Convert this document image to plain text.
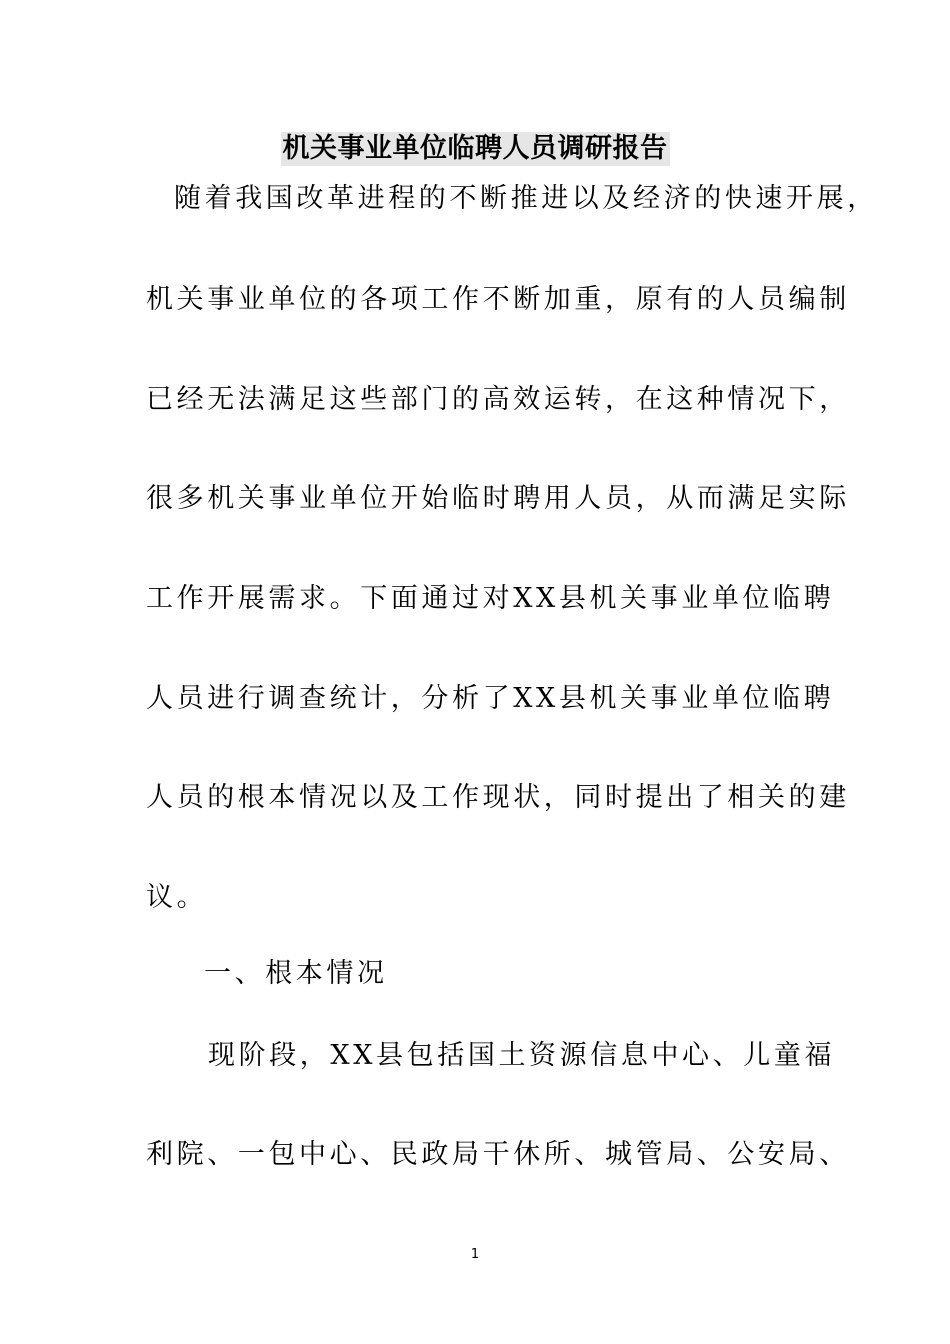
机关事业单位临聘人员调研报告
随着我国改革进程的不断推进以及经济的快速开展，
机关事业单位的各项工作不断加重，原有的人员编制
已经无法满足这些部门的高效运转，在这种情况下，
很多机关事业单位开始临时聘用人员，从而满足实际
工作开展需求。下面通过对XX县机关事业单位临聘
人员进行调查统计，分析了XX县机关事业单位临聘
人员的根本情况以及工作现状，同时提出了相关的建
议。
一、根本情况
现阶段，XX县包括国土资源信息中心、儿童福
利院、一包中心、民政局干休所、城管局、公安局、
1
